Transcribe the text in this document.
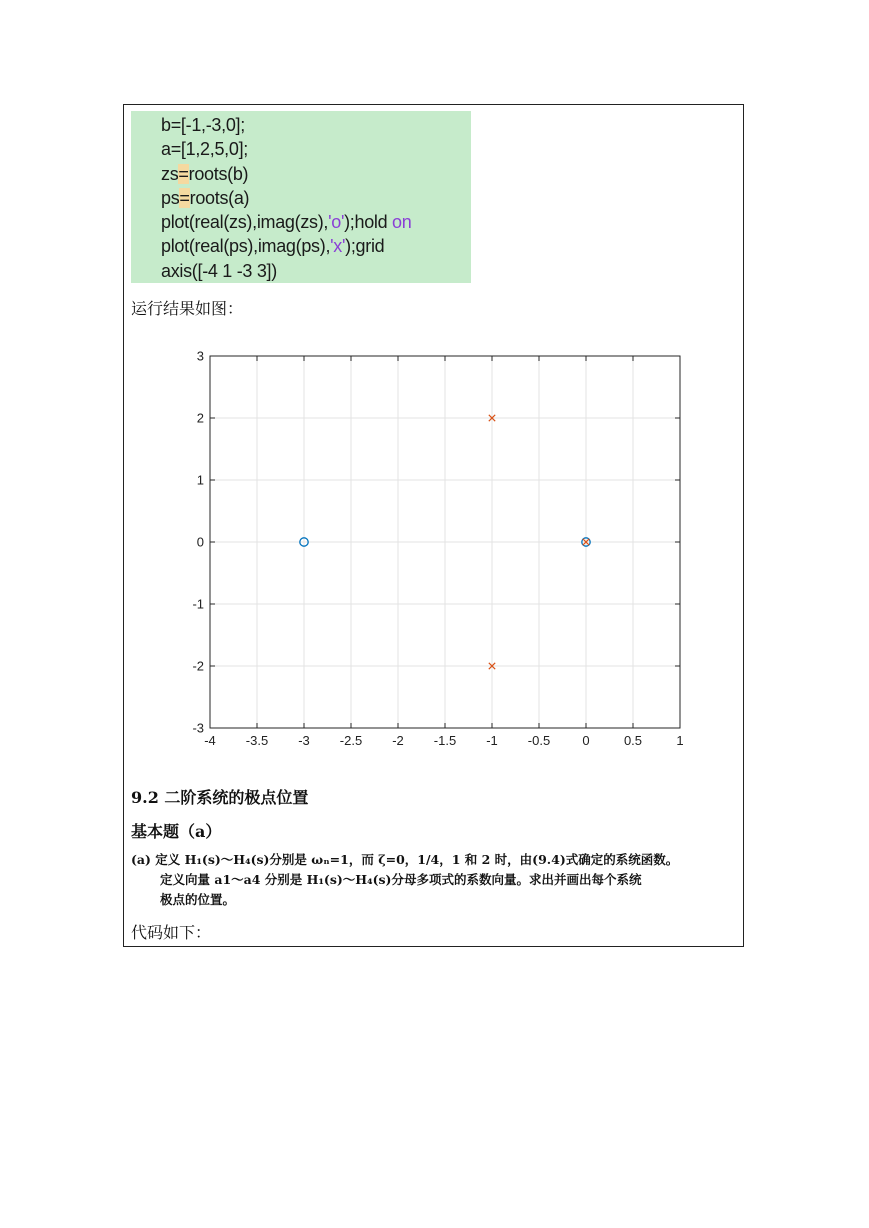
b=[-1,-3,0];
a=[1,2,5,0];
zs=roots(b)
ps=roots(a)
plot(real(zs),imag(zs),'o');hold on
plot(real(ps),imag(ps),'x');grid
axis([-4 1 -3 3])
运行结果如图：
-4 -3.5 -3 -2.5 -2 -1.5 -1 -0.5 0	0.5	1
3
2
1
0
-1
-2
-3
9.2 二阶系统的极点位置
基本题（a）
(a) 定义 H₁(s)～H₄(s)分别是 ωₙ=1，而 ζ=0，1/4，1 和 2 时，由(9.4)式确定的系统函数。
定义向量 a1～a4 分别是 H₁(s)～H₄(s)分母多项式的系数向量。求出并画出每个系统
极点的位置。
代码如下：
